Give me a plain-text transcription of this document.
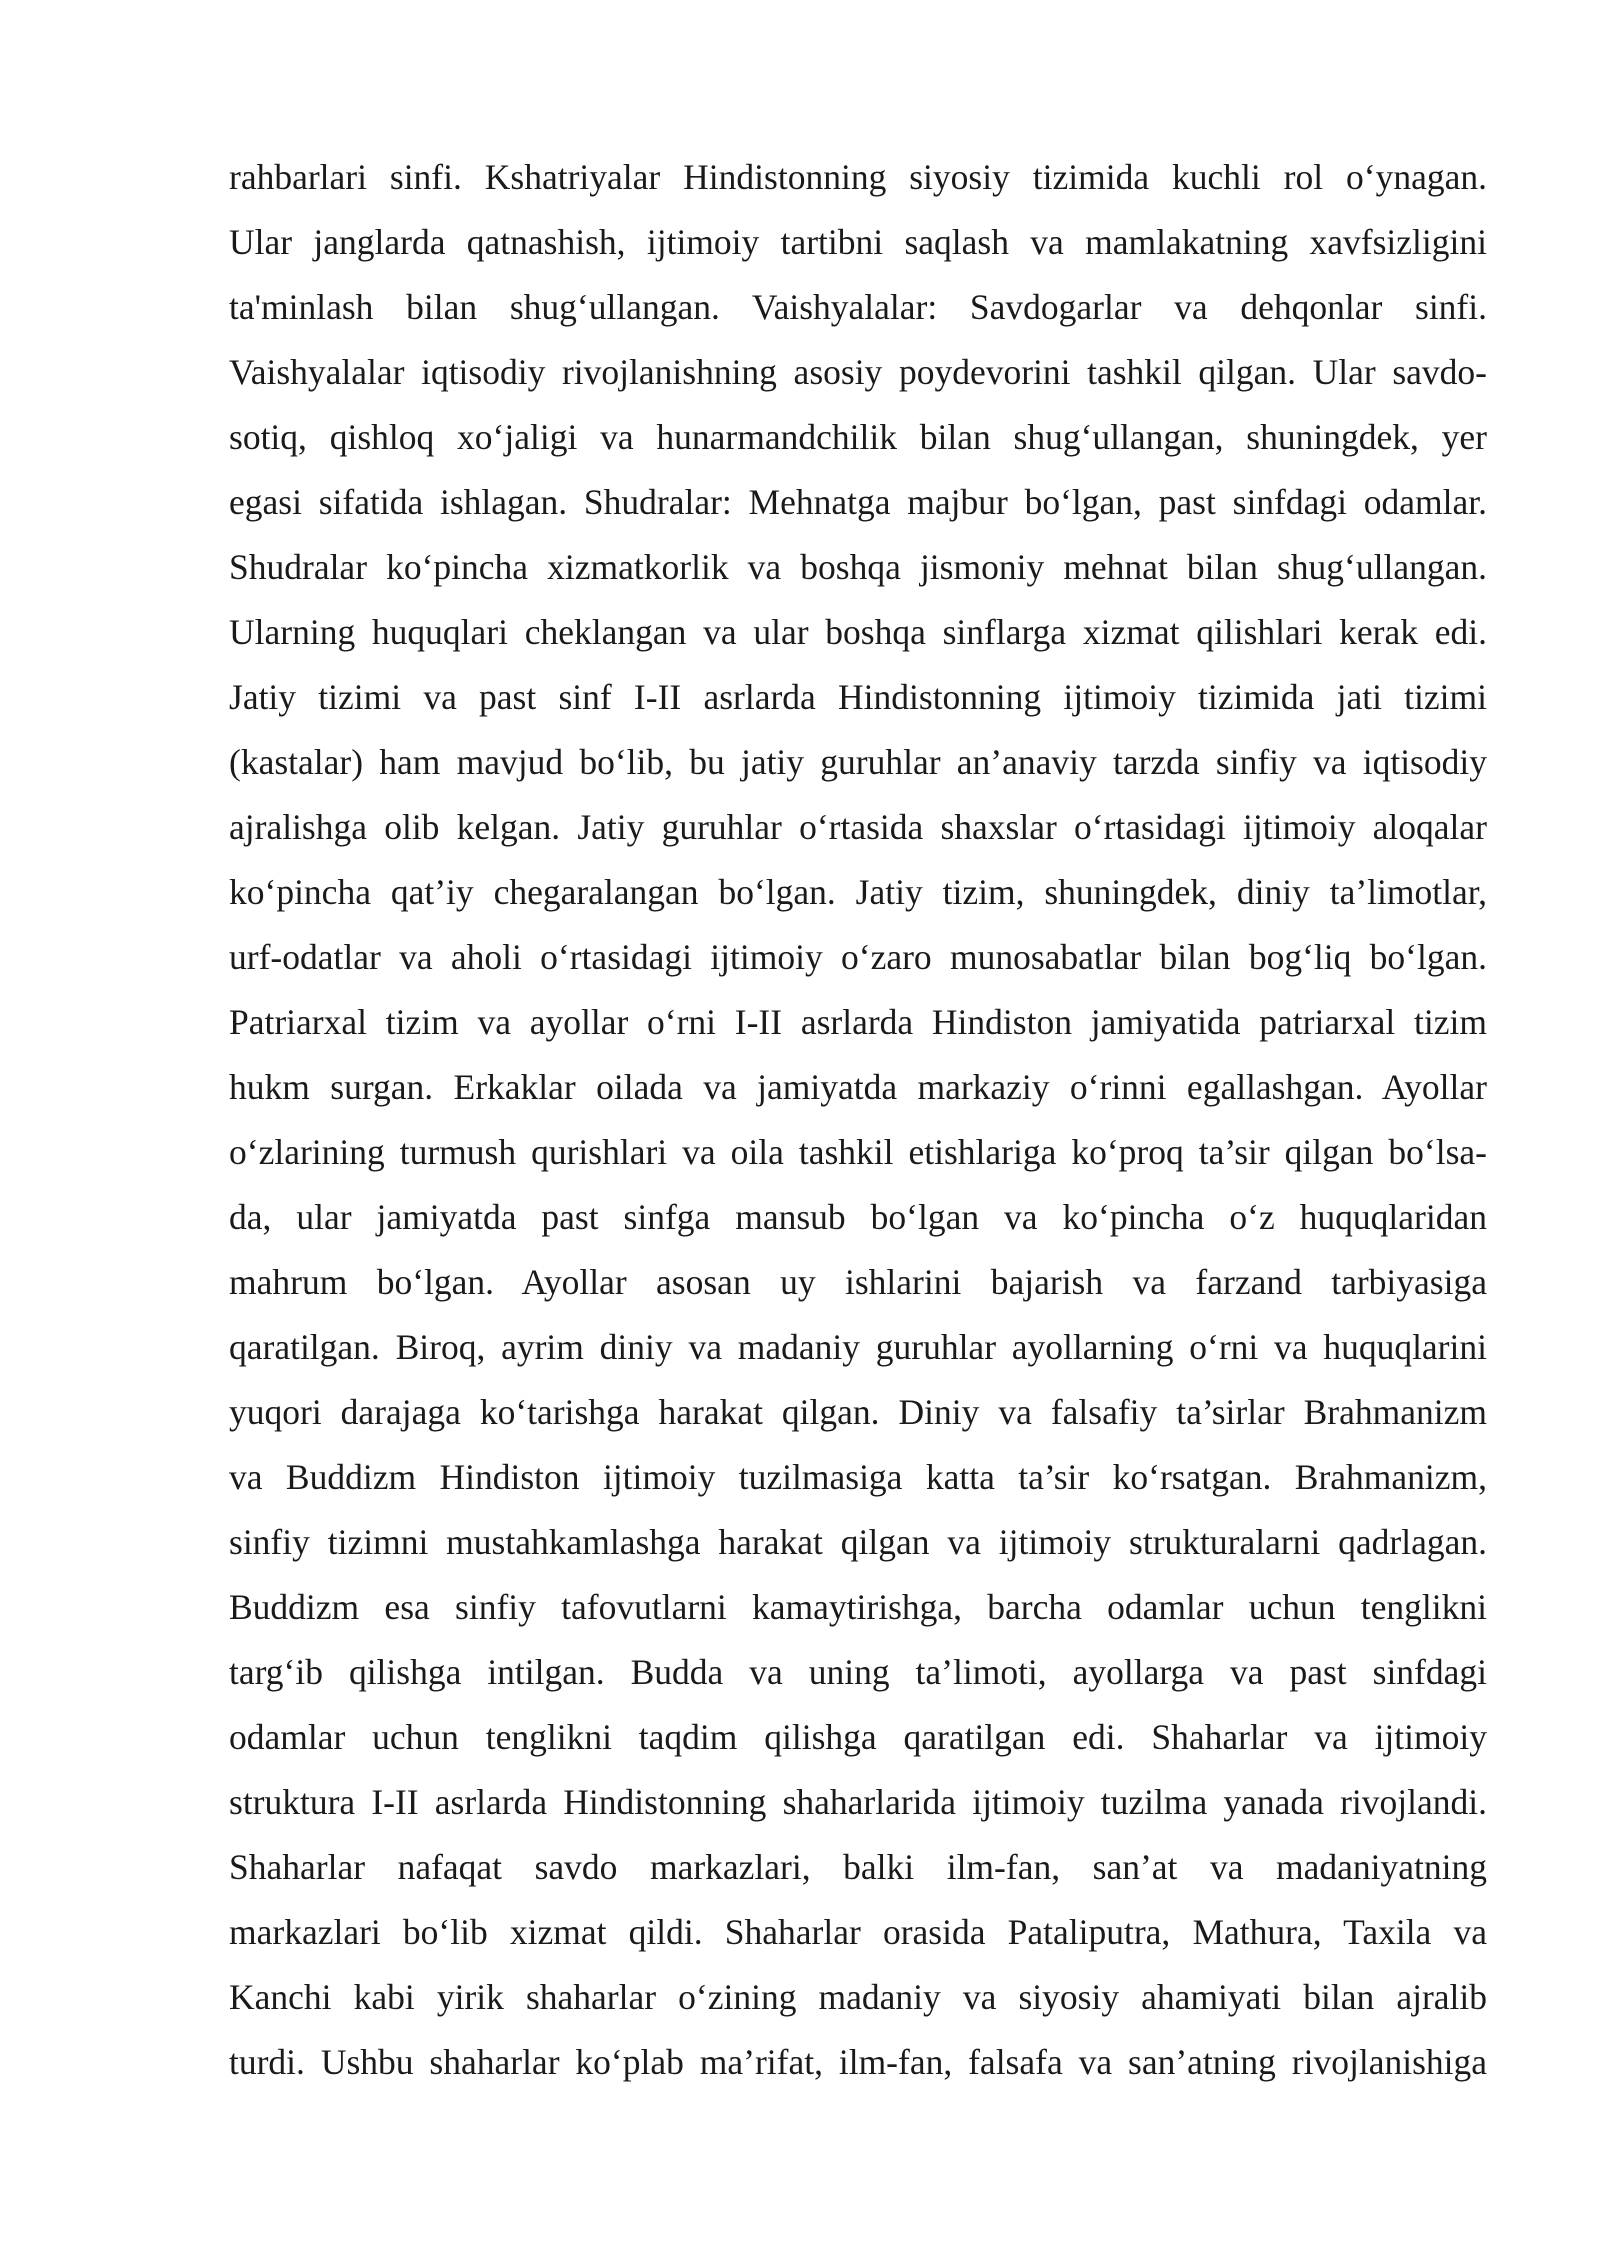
rahbarlari sinfi. Kshatriyalar Hindistonning siyosiy tizimida kuchli rol o‘ynagan.
Ular janglarda qatnashish, ijtimoiy tartibni saqlash va mamlakatning xavfsizligini
ta'minlash bilan shug‘ullangan. Vaishyalalar: Savdogarlar va dehqonlar sinfi.
Vaishyalalar iqtisodiy rivojlanishning asosiy poydevorini tashkil qilgan. Ular savdo-
sotiq, qishloq xo‘jaligi va hunarmandchilik bilan shug‘ullangan, shuningdek, yer
egasi sifatida ishlagan. Shudralar: Mehnatga majbur bo‘lgan, past sinfdagi odamlar.
Shudralar ko‘pincha xizmatkorlik va boshqa jismoniy mehnat bilan shug‘ullangan.
Ularning huquqlari cheklangan va ular boshqa sinflarga xizmat qilishlari kerak edi.
Jatiy tizimi va past sinf I-II asrlarda Hindistonning ijtimoiy tizimida jati tizimi
(kastalar) ham mavjud bo‘lib, bu jatiy guruhlar an’anaviy tarzda sinfiy va iqtisodiy
ajralishga olib kelgan. Jatiy guruhlar o‘rtasida shaxslar o‘rtasidagi ijtimoiy aloqalar
ko‘pincha qat’iy chegaralangan bo‘lgan. Jatiy tizim, shuningdek, diniy ta’limotlar,
urf-odatlar va aholi o‘rtasidagi ijtimoiy o‘zaro munosabatlar bilan bog‘liq bo‘lgan.
Patriarxal tizim va ayollar o‘rni I-II asrlarda Hindiston jamiyatida patriarxal tizim
hukm surgan. Erkaklar oilada va jamiyatda markaziy o‘rinni egallashgan. Ayollar
o‘zlarining turmush qurishlari va oila tashkil etishlariga ko‘proq ta’sir qilgan bo‘lsa-
da, ular jamiyatda past sinfga mansub bo‘lgan va ko‘pincha o‘z huquqlaridan
mahrum bo‘lgan. Ayollar asosan uy ishlarini bajarish va farzand tarbiyasiga
qaratilgan. Biroq, ayrim diniy va madaniy guruhlar ayollarning o‘rni va huquqlarini
yuqori darajaga ko‘tarishga harakat qilgan. Diniy va falsafiy ta’sirlar Brahmanizm
va Buddizm Hindiston ijtimoiy tuzilmasiga katta ta’sir ko‘rsatgan. Brahmanizm,
sinfiy tizimni mustahkamlashga harakat qilgan va ijtimoiy strukturalarni qadrlagan.
Buddizm esa sinfiy tafovutlarni kamaytirishga, barcha odamlar uchun tenglikni
targ‘ib qilishga intilgan. Budda va uning ta’limoti, ayollarga va past sinfdagi
odamlar uchun tenglikni taqdim qilishga qaratilgan edi. Shaharlar va ijtimoiy
struktura I-II asrlarda Hindistonning shaharlarida ijtimoiy tuzilma yanada rivojlandi.
Shaharlar nafaqat savdo markazlari, balki ilm-fan, san’at va madaniyatning
markazlari bo‘lib xizmat qildi. Shaharlar orasida Pataliputra, Mathura, Taxila va
Kanchi kabi yirik shaharlar o‘zining madaniy va siyosiy ahamiyati bilan ajralib
turdi. Ushbu shaharlar ko‘plab ma’rifat, ilm-fan, falsafa va san’atning rivojlanishiga
